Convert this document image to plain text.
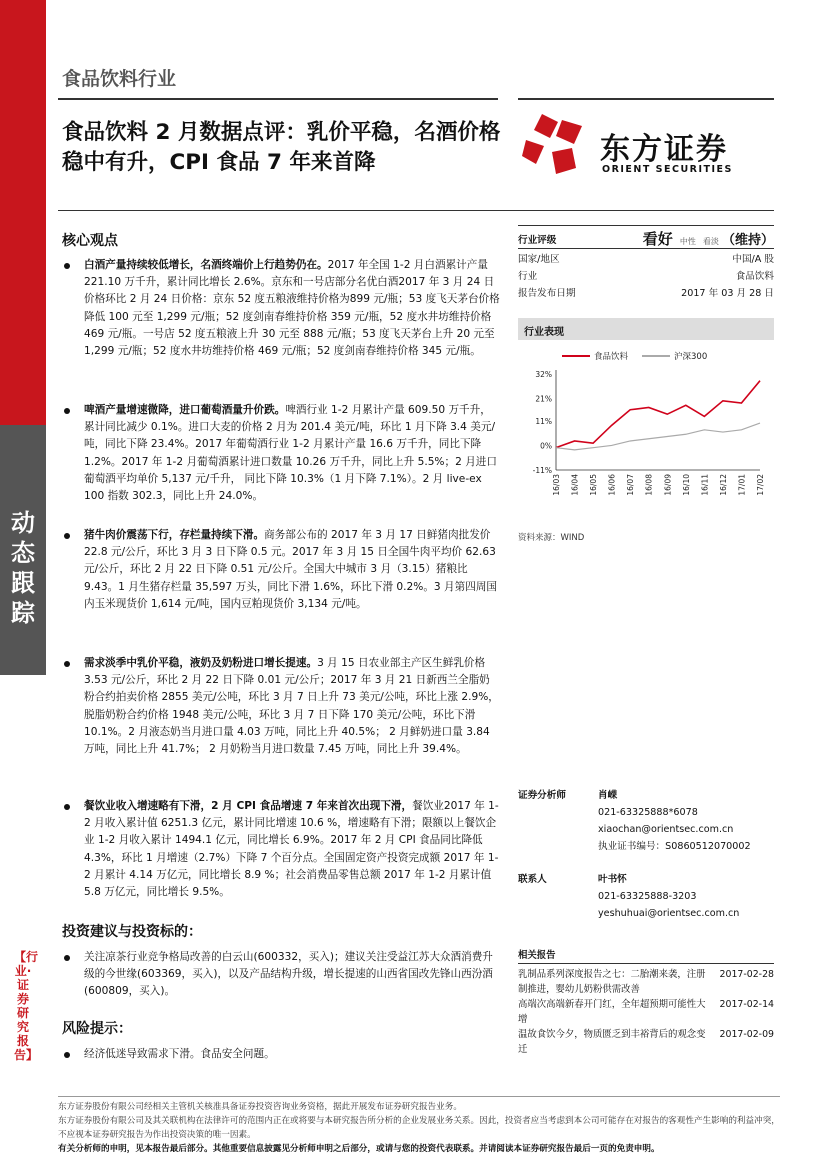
动态跟踪
【行业·证券研究报告】
食品饮料行业
食品饮料 2 月数据点评：乳价平稳，名酒价格稳中有升，CPI 食品 7 年来首降	东方证券
ORIENT SECURITIES
核心观点
白酒产量持续较低增长，名酒终端价上行趋势仍在。2017 年全国 1-2 月白酒累计产量 221.10 万千升，累计同比增长 2.6%。京东和一号店部分名优白酒2017 年 3 月 24 日价格环比 2 月 24 日价格：京东 52 度五粮液维持价格为899 元/瓶；53 度飞天茅台价格降低 100 元至 1,299 元/瓶；52 度剑南春维持价格 359 元/瓶，52 度水井坊维持价格 469 元/瓶。一号店 52 度五粮液上升 30 元至 888 元/瓶；53 度飞天茅台上升 20 元至 1,299 元/瓶；52 度水井坊维持价格 469 元/瓶；52 度剑南春维持价格 345 元/瓶。
啤酒产量增速微降，进口葡萄酒量升价跌。啤酒行业 1-2 月累计产量 609.50 万千升，累计同比减少 0.1%。进口大麦的价格 2 月为 201.4 美元/吨，环比 1 月下降 3.4 美元/吨，同比下降 23.4%。2017 年葡萄酒行业 1-2 月累计产量 16.6 万千升，同比下降 1.2%。2017 年 1-2 月葡萄酒累计进口数量 10.26 万千升，同比上升 5.5%；2 月进口葡萄酒平均单价 5,137 元/千升， 同比下降 10.3%（1 月下降 7.1%）。2 月 live-ex 100 指数 302.3，同比上升 24.0%。
猪牛肉价震荡下行，存栏量持续下滑。商务部公布的 2017 年 3 月 17 日鲜猪肉批发价 22.8 元/公斤，环比 3 月 3 日下降 0.5 元。2017 年 3 月 15 日全国牛肉平均价 62.63 元/公斤，环比 2 月 22 日下降 0.51 元/公斤。全国大中城市 3 月（3.15）猪粮比 9.43。1 月生猪存栏量 35,597 万头，同比下滑 1.6%，环比下滑 0.2%。3 月第四周国内玉米现货价 1,614 元/吨，国内豆粕现货价 3,134 元/吨。
需求淡季中乳价平稳，液奶及奶粉进口增长提速。3 月 15 日农业部主产区生鲜乳价格 3.53 元/公斤，环比 2 月 22 日下降 0.01 元/公斤；2017 年 3 月 21 日新西兰全脂奶粉合约拍卖价格 2855 美元/公吨，环比 3 月 7 日上升 73 美元/公吨，环比上涨 2.9%，脱脂奶粉合约价格 1948 美元/公吨，环比 3 月 7 日下降 170 美元/公吨，环比下滑 10.1%。2 月液态奶当月进口量 4.03 万吨，同比上升 40.5%； 2 月鲜奶进口量 3.84 万吨，同比上升 41.7%； 2 月奶粉当月进口数量 7.45 万吨，同比上升 39.4%。
餐饮业收入增速略有下滑，2 月 CPI 食品增速 7 年来首次出现下滑，餐饮业2017 年 1-2 月收入累计值 6251.3 亿元，累计同比增速 10.6 %，增速略有下滑；限额以上餐饮企业 1-2 月收入累计 1494.1 亿元，同比增长 6.9%。2017 年 2 月 CPI 食品同比降低 4.3%，环比 1 月增速（2.7%）下降 7 个百分点。全国固定资产投资完成额 2017 年 1-2 月累计 4.14 万亿元，同比增长 8.9 %；社会消费品零售总额 2017 年 1-2 月累计值 5.8 万亿元，同比增长 9.5%。
投资建议与投资标的：
关注凉茶行业竞争格局改善的白云山(600332，买入)；建议关注受益江苏大众酒消费升级的今世缘(603369，买入)，以及产品结构升级，增长提速的山西省国改先锋山西汾酒(600809，买入)。
风险提示：
经济低迷导致需求下滑。食品安全问题。
行业评级	看好 中性 看淡 （维持）
国家/地区	中国/A 股
行业	食品饮料
报告发布日期	2017 年 03 月 28 日
行业表现
食品饮料	沪深300
32%
21%
11%
0%
-11%
16/03 16/04 16/05 16/06 16/07 16/08 16/09 16/10 16/11 16/12 17/01 17/02
资料来源：WIND
证券分析师	肖嵘
021-63325888*6078
xiaochan@orientsec.com.cn
执业证书编号：S0860512070002
联系人	叶书怀
021-63325888-3203
yeshuhuai@orientsec.com.cn
相关报告
乳制品系列深度报告之七：二胎潮来袭，注册制推进，婴幼儿奶粉供需改善
2017-02-28
高端次高端新春开门红，全年超预期可能性大增
2017-02-14
温故食饮今夕，物质匮乏到丰裕背后的观念变迁
2017-02-09
东方证券股份有限公司经相关主管机关核准具备证券投资咨询业务资格，据此开展发布证券研究报告业务。
东方证券股份有限公司及其关联机构在法律许可的范围内正在或将要与本研究报告所分析的企业发展业务关系。因此，投资者应当考虑到本公司可能存在对报告的客观性产生影响的利益冲突，不应视本证券研究报告为作出投资决策的唯一因素。
有关分析师的申明，见本报告最后部分。其他重要信息披露见分析师申明之后部分，或请与您的投资代表联系。并请阅读本证券研究报告最后一页的免责申明。
